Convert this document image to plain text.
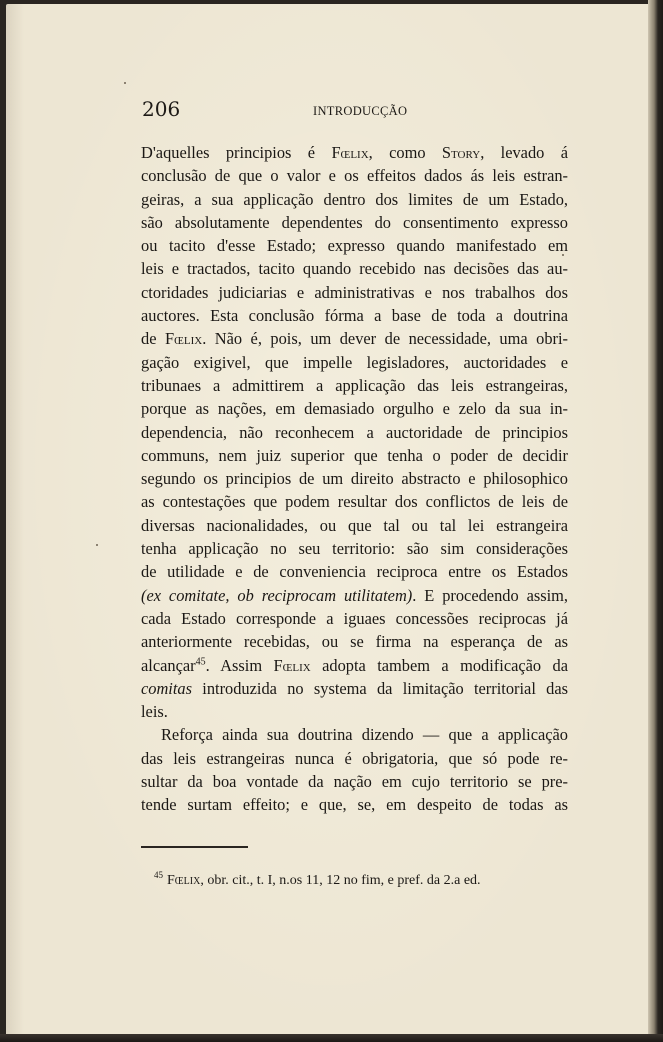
206	INTRODUCÇÃO
D'aquelles principios é Fœlix, como Story, levado á
conclusão de que o valor e os effeitos dados ás leis estran-
geiras, a sua applicação dentro dos limites de um Estado,
são absolutamente dependentes do consentimento expresso
ou tacito d'esse Estado; expresso quando manifestado em
leis e tractados, tacito quando recebido nas decisões das au-
ctoridades judiciarias e administrativas e nos trabalhos dos
auctores. Esta conclusão fórma a base de toda a doutrina
de Fœlix. Não é, pois, um dever de necessidade, uma obri-
gação exigivel, que impelle legisladores, auctoridades e
tribunaes a admittirem a applicação das leis estrangeiras,
porque as nações, em demasiado orgulho e zelo da sua in-
dependencia, não reconhecem a auctoridade de principios
communs, nem juiz superior que tenha o poder de decidir
segundo os principios de um direito abstracto e philosophico
as contestações que podem resultar dos conflictos de leis de
diversas nacionalidades, ou que tal ou tal lei estrangeira
tenha applicação no seu territorio: são sim considerações
de utilidade e de conveniencia reciproca entre os Estados
(ex comitate, ob reciprocam utilitatem). E procedendo assim,
cada Estado corresponde a iguaes concessões reciprocas já
anteriormente recebidas, ou se firma na esperança de as
alcançar$^{45}$. Assim Fœlix adopta tambem a modificação da
comitas introduzida no systema da limitação territorial das
leis.
Reforça ainda sua doutrina dizendo — que a applicação
das leis estrangeiras nunca é obrigatoria, que só pode re-
sultar da boa vontade da nação em cujo territorio se pre-
tende surtam effeito; e que, se, em despeito de todas as
$^{45}$ Fœlix, obr. cit., t. I, n.os 11, 12 no fim, e pref. da 2.a ed.
